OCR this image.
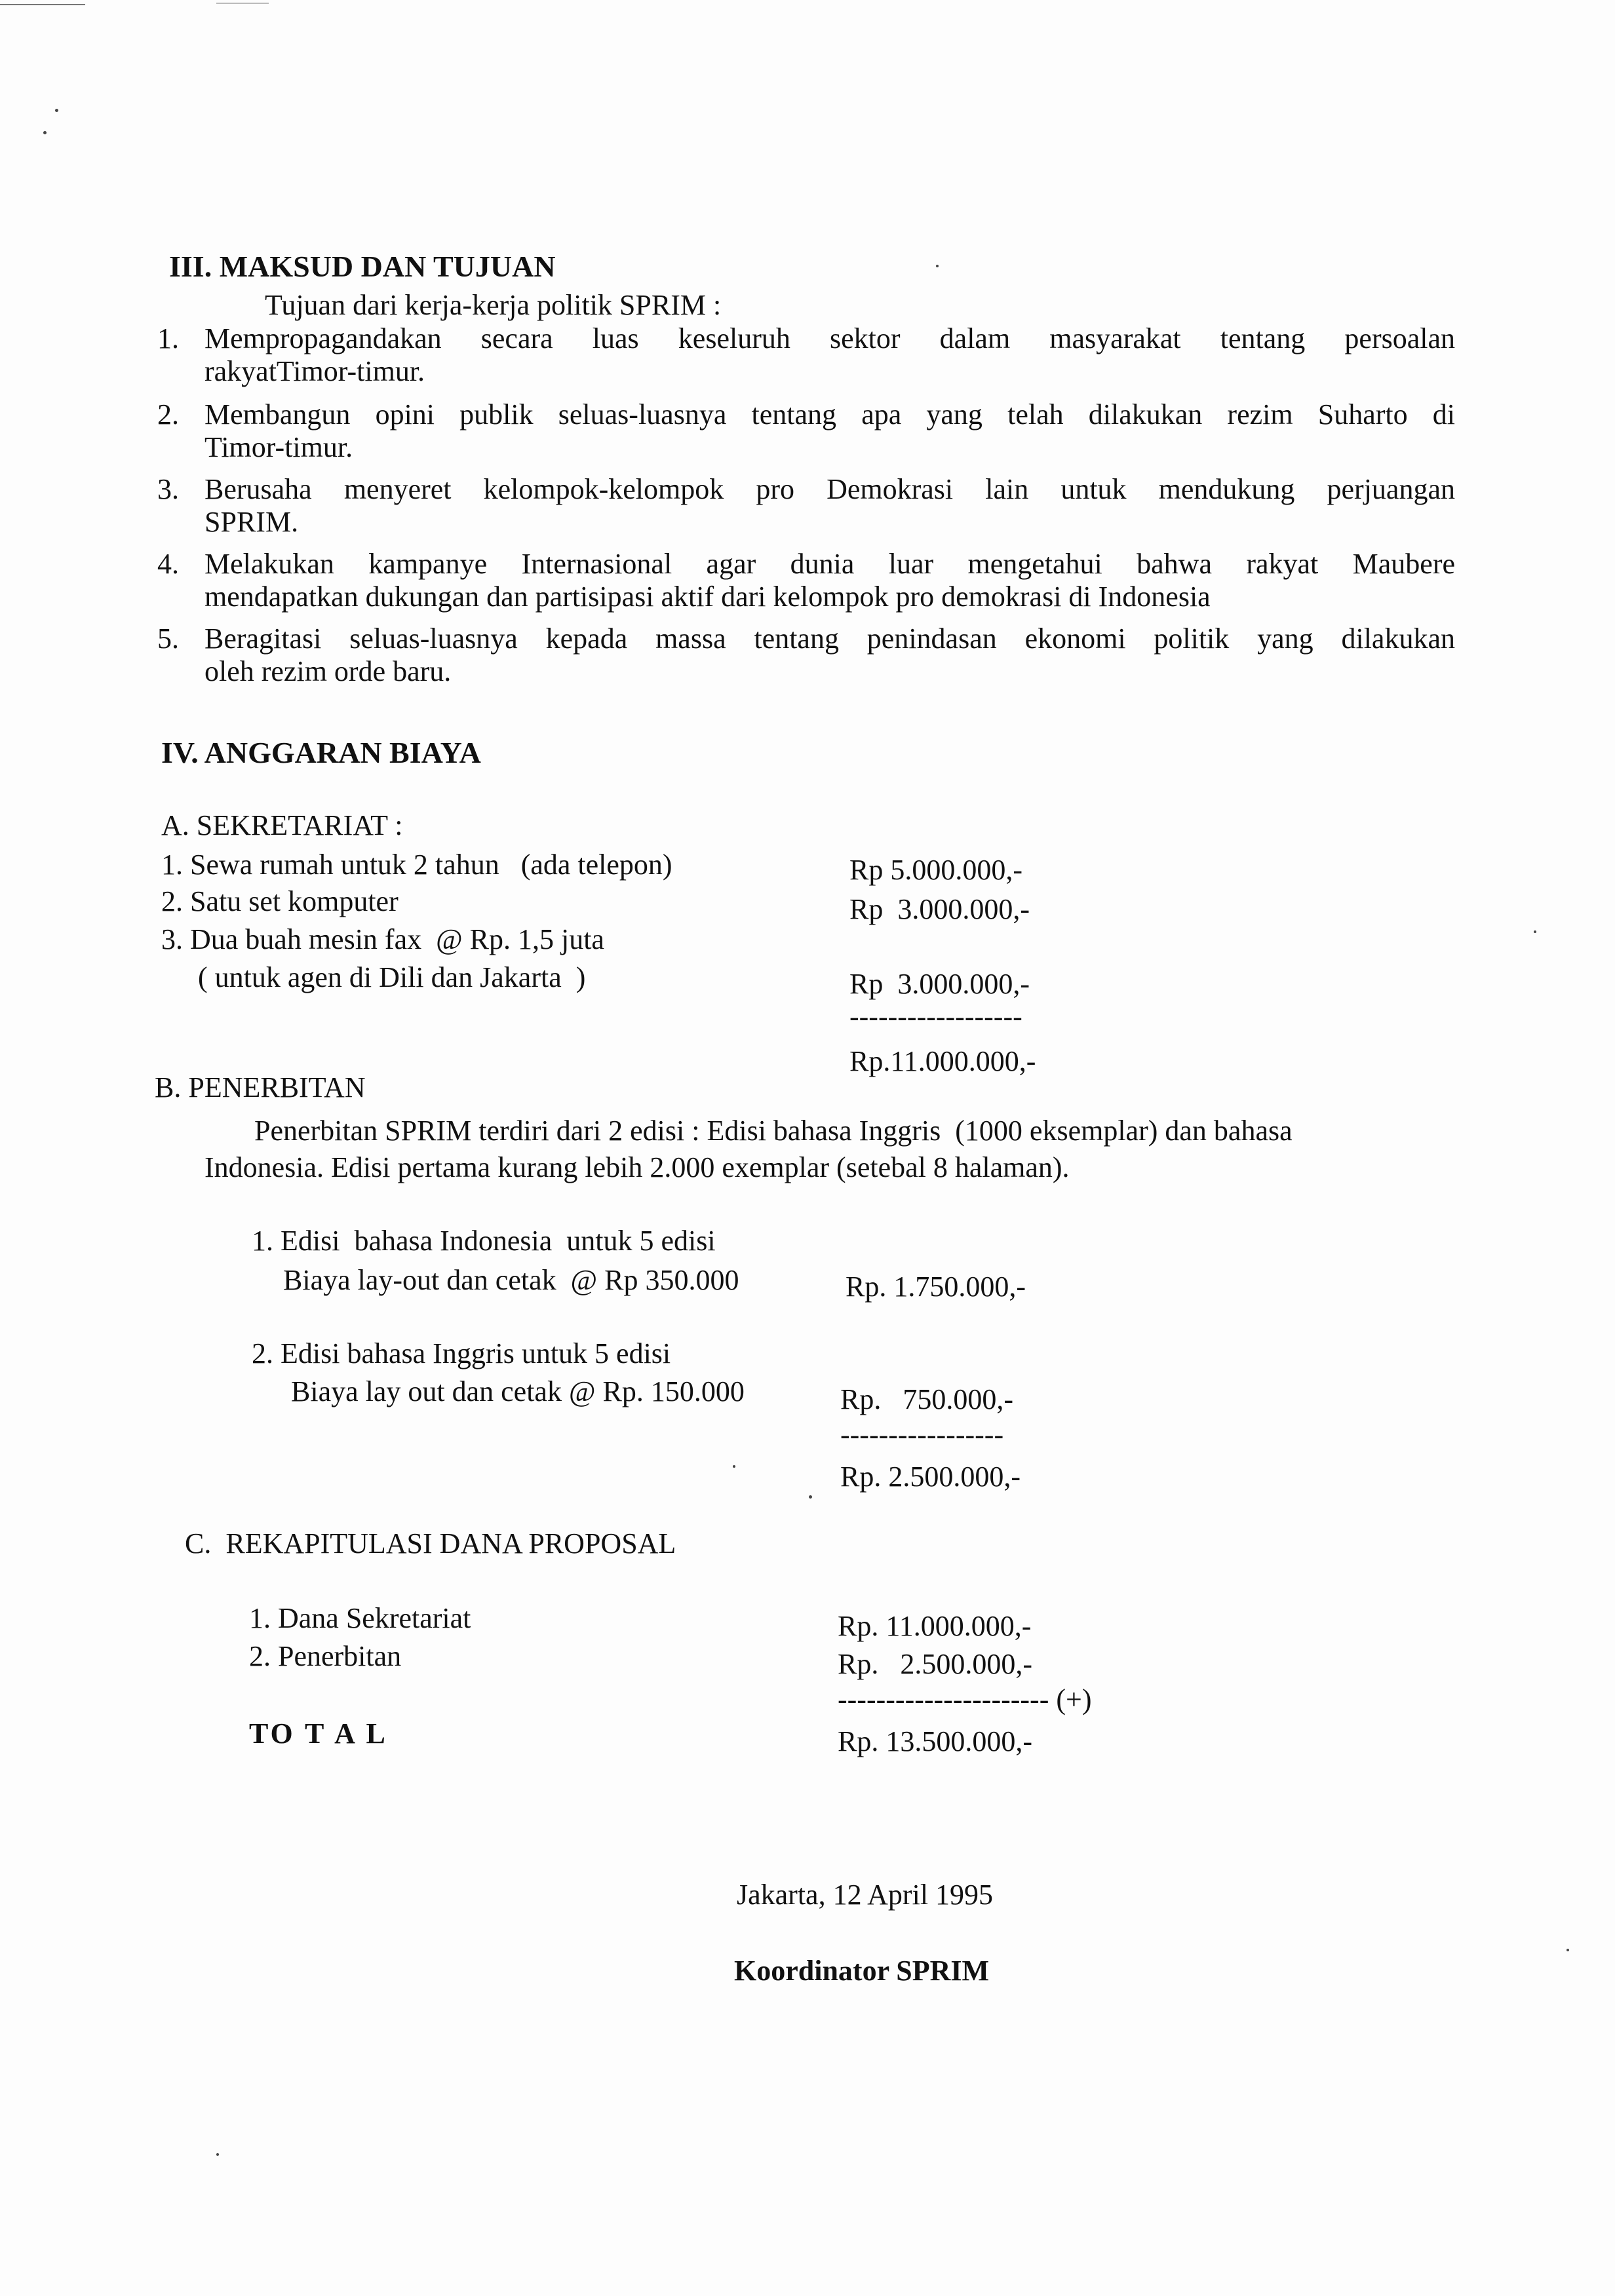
III. MAKSUD DAN TUJUAN
Tujuan dari kerja-kerja politik SPRIM :
1. Mempropagandakan secara luas keseluruh sektor dalam masyarakat tentang persoalan
rakyatTimor-timur.
2. Membangun opini publik seluas-luasnya tentang apa yang telah dilakukan rezim Suharto di
Timor-timur.
3. Berusaha menyeret kelompok-kelompok pro Demokrasi lain untuk mendukung perjuangan
SPRIM.
4. Melakukan kampanye Internasional agar dunia luar mengetahui bahwa rakyat Maubere
mendapatkan dukungan dan partisipasi aktif dari kelompok pro demokrasi di Indonesia
5. Beragitasi seluas-luasnya kepada massa tentang penindasan ekonomi politik yang dilakukan
oleh rezim orde baru.
IV. ANGGARAN BIAYA
A. SEKRETARIAT :
1. Sewa rumah untuk 2 tahun   (ada telepon)	Rp 5.000.000,-
2. Satu set komputer	Rp  3.000.000,-
3. Dua buah mesin fax  @ Rp. 1,5 juta
( untuk agen di Dili dan Jakarta  )	Rp  3.000.000,-
------------------
Rp.11.000.000,-
B. PENERBITAN
Penerbitan SPRIM terdiri dari 2 edisi : Edisi bahasa Inggris  (1000 eksemplar) dan bahasa
Indonesia. Edisi pertama kurang lebih 2.000 exemplar (setebal 8 halaman).
1. Edisi  bahasa Indonesia  untuk 5 edisi
Biaya lay-out dan cetak  @ Rp 350.000	Rp. 1.750.000,-
2. Edisi bahasa Inggris untuk 5 edisi
Biaya lay out dan cetak @ Rp. 150.000	Rp.   750.000,-
-----------------
Rp. 2.500.000,-
C.  REKAPITULASI DANA PROPOSAL
1. Dana Sekretariat	Rp. 11.000.000,-
2. Penerbitan	Rp.   2.500.000,-
---------------------- (+)
TO T A L	Rp. 13.500.000,-
Jakarta, 12 April 1995
Koordinator SPRIM
